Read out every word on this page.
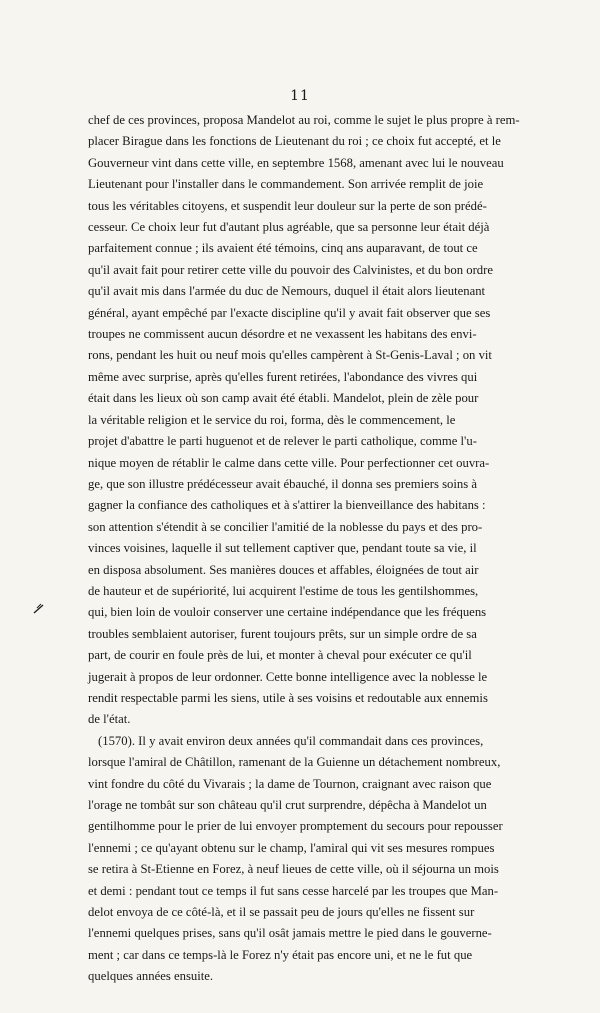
11
chef de ces provinces, proposa Mandelot au roi, comme le sujet le plus propre à rem-
placer Birague dans les fonctions de Lieutenant du roi ; ce choix fut accepté, et le
Gouverneur vint dans cette ville, en septembre 1568, amenant avec lui le nouveau
Lieutenant pour l'installer dans le commandement. Son arrivée remplit de joie
tous les véritables citoyens, et suspendit leur douleur sur la perte de son prédé-
cesseur. Ce choix leur fut d'autant plus agréable, que sa personne leur était déjà
parfaitement connue ; ils avaient été témoins, cinq ans auparavant, de tout ce
qu'il avait fait pour retirer cette ville du pouvoir des Calvinistes, et du bon ordre
qu'il avait mis dans l'armée du duc de Nemours, duquel il était alors lieutenant
général, ayant empêché par l'exacte discipline qu'il y avait fait observer que ses
troupes ne commissent aucun désordre et ne vexassent les habitans des envi-
rons, pendant les huit ou neuf mois qu'elles campèrent à St-Genis-Laval ; on vit
même avec surprise, après qu'elles furent retirées, l'abondance des vivres qui
était dans les lieux où son camp avait été établi. Mandelot, plein de zèle pour
la véritable religion et le service du roi, forma, dès le commencement, le
projet d'abattre le parti huguenot et de relever le parti catholique, comme l'u-
nique moyen de rétablir le calme dans cette ville. Pour perfectionner cet ouvra-
ge, que son illustre prédécesseur avait ébauché, il donna ses premiers soins à
gagner la confiance des catholiques et à s'attirer la bienveillance des habitans :
son attention s'étendit à se concilier l'amitié de la noblesse du pays et des pro-
vinces voisines, laquelle il sut tellement captiver que, pendant toute sa vie, il
en disposa absolument. Ses manières douces et affables, éloignées de tout air
de hauteur et de supériorité, lui acquirent l'estime de tous les gentilshommes,
qui, bien loin de vouloir conserver une certaine indépendance que les fréquens
troubles semblaient autoriser, furent toujours prêts, sur un simple ordre de sa
part, de courir en foule près de lui, et monter à cheval pour exécuter ce qu'il
jugerait à propos de leur ordonner. Cette bonne intelligence avec la noblesse le
rendit respectable parmi les siens, utile à ses voisins et redoutable aux ennemis
de l'état.
(1570). Il y avait environ deux années qu'il commandait dans ces provinces,
lorsque l'amiral de Châtillon, ramenant de la Guienne un détachement nombreux,
vint fondre du côté du Vivarais ; la dame de Tournon, craignant avec raison que
l'orage ne tombât sur son château qu'il crut surprendre, dépêcha à Mandelot un
gentilhomme pour le prier de lui envoyer promptement du secours pour repousser
l'ennemi ; ce qu'ayant obtenu sur le champ, l'amiral qui vit ses mesures rompues
se retira à St-Etienne en Forez, à neuf lieues de cette ville, où il séjourna un mois
et demi : pendant tout ce temps il fut sans cesse harcelé par les troupes que Man-
delot envoya de ce côté-là, et il se passait peu de jours qu'elles ne fissent sur
l'ennemi quelques prises, sans qu'il osât jamais mettre le pied dans le gouverne-
ment ; car dans ce temps-là le Forez n'y était pas encore uni, et ne le fut que
quelques années ensuite.
